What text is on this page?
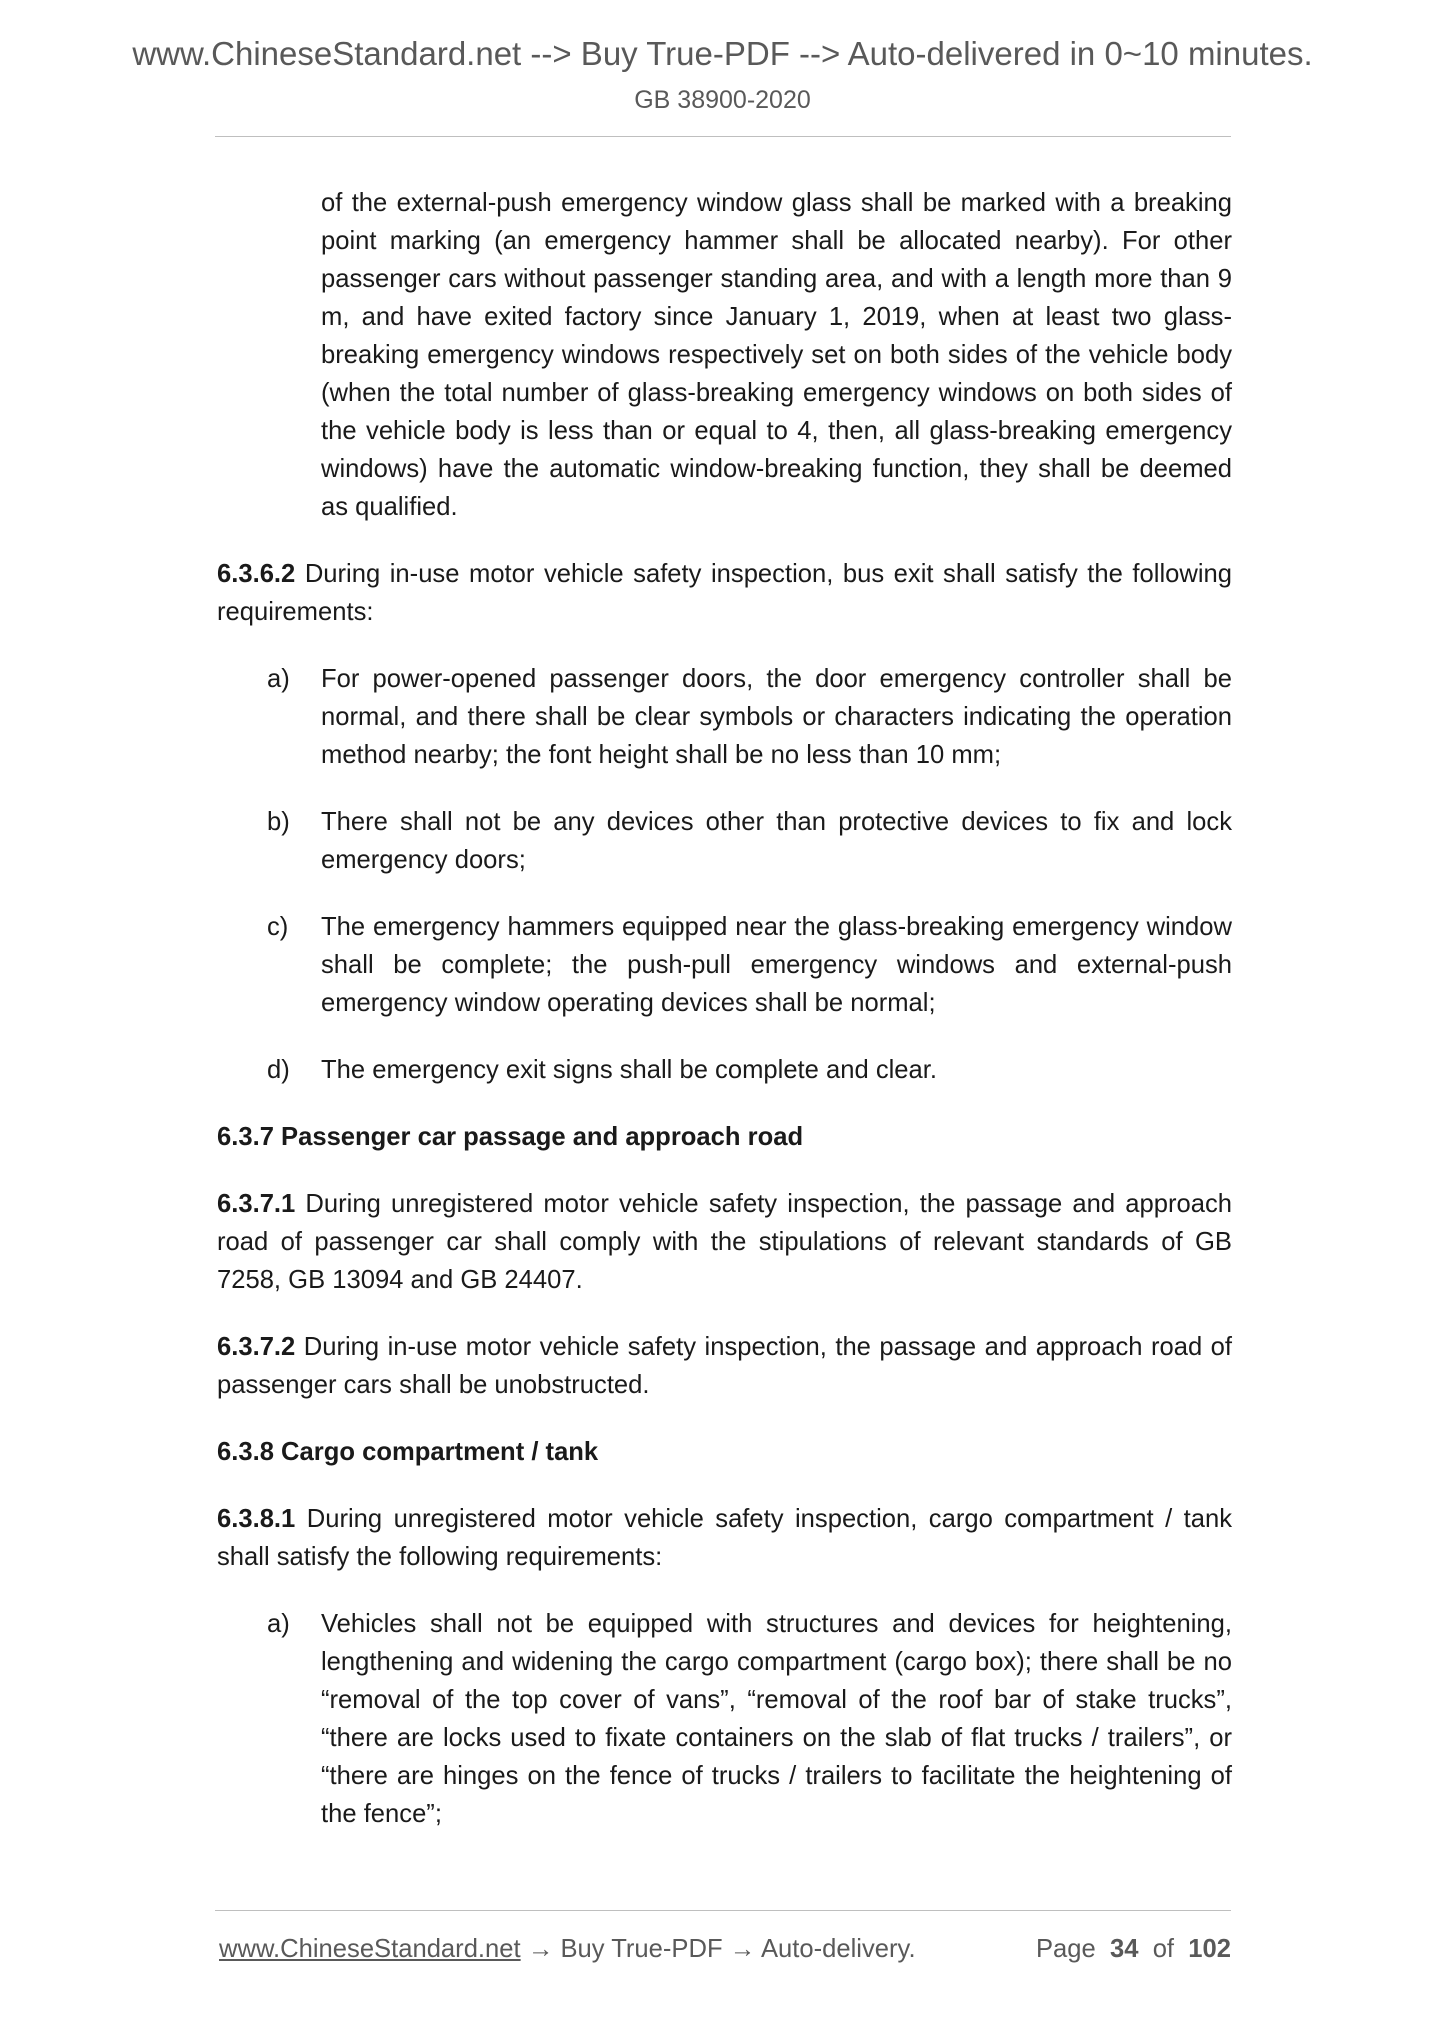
www.ChineseStandard.net --> Buy True-PDF --> Auto-delivered in 0~10 minutes.
GB 38900-2020

of the external-push emergency window glass shall be marked with a breaking point marking (an emergency hammer shall be allocated nearby). For other passenger cars without passenger standing area, and with a length more than 9 m, and have exited factory since January 1, 2019, when at least two glass-breaking emergency windows respectively set on both sides of the vehicle body (when the total number of glass-breaking emergency windows on both sides of the vehicle body is less than or equal to 4, then, all glass-breaking emergency windows) have the automatic window-breaking function, they shall be deemed as qualified.

6.3.6.2 During in-use motor vehicle safety inspection, bus exit shall satisfy the following requirements:

a) For power-opened passenger doors, the door emergency controller shall be normal, and there shall be clear symbols or characters indicating the operation method nearby; the font height shall be no less than 10 mm;

b) There shall not be any devices other than protective devices to fix and lock emergency doors;

c) The emergency hammers equipped near the glass-breaking emergency window shall be complete; the push-pull emergency windows and external-push emergency window operating devices shall be normal;

d) The emergency exit signs shall be complete and clear.

6.3.7 Passenger car passage and approach road

6.3.7.1 During unregistered motor vehicle safety inspection, the passage and approach road of passenger car shall comply with the stipulations of relevant standards of GB 7258, GB 13094 and GB 24407.

6.3.7.2 During in-use motor vehicle safety inspection, the passage and approach road of passenger cars shall be unobstructed.

6.3.8 Cargo compartment / tank

6.3.8.1 During unregistered motor vehicle safety inspection, cargo compartment / tank shall satisfy the following requirements:

a) Vehicles shall not be equipped with structures and devices for heightening, lengthening and widening the cargo compartment (cargo box); there shall be no “removal of the top cover of vans”, “removal of the roof bar of stake trucks”, “there are locks used to fixate containers on the slab of flat trucks / trailers”, or “there are hinges on the fence of trucks / trailers to facilitate the heightening of the fence”;

www.ChineseStandard.net → Buy True-PDF → Auto-delivery.	Page 34 of 102
